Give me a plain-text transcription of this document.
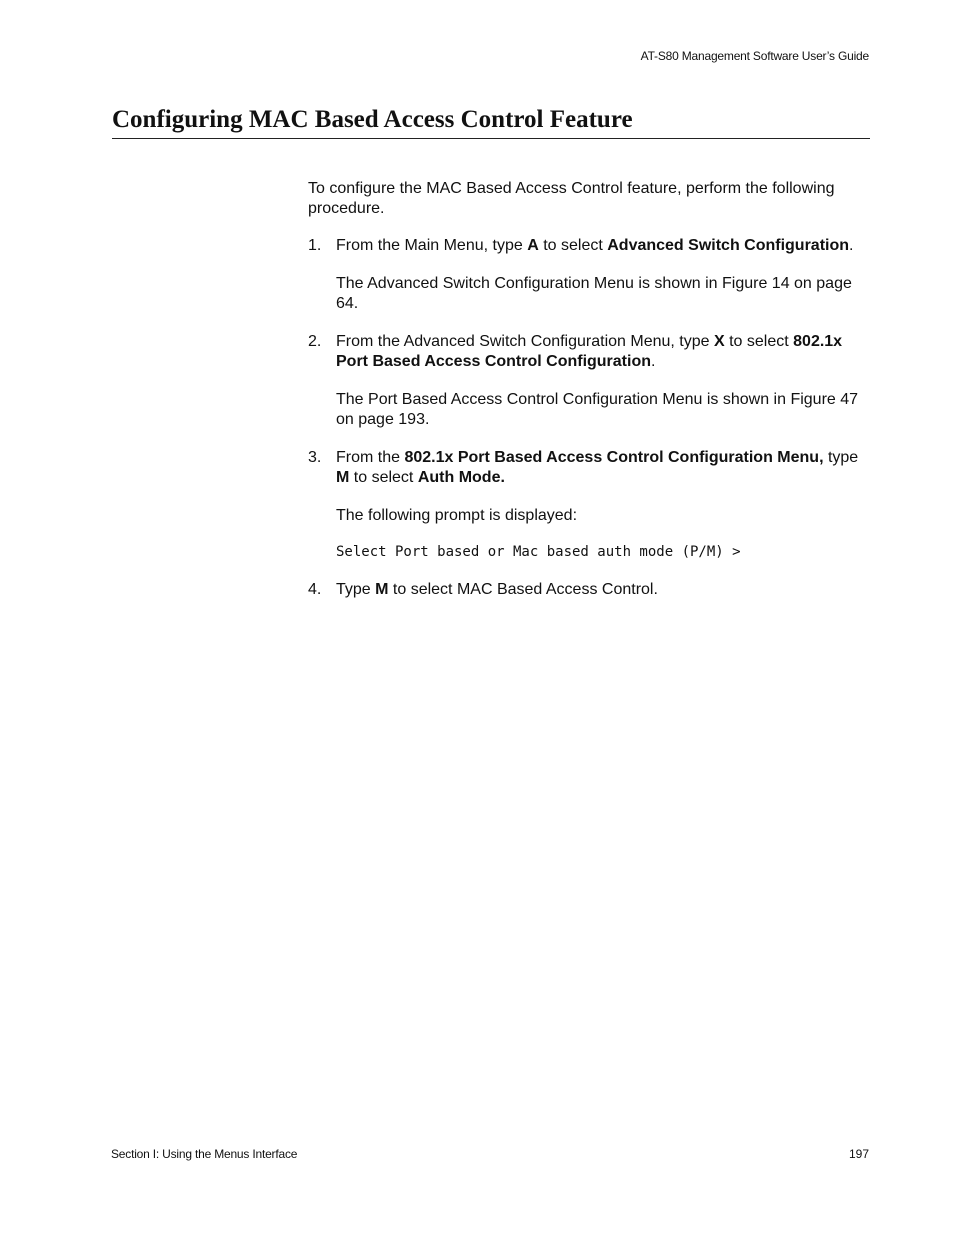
AT-S80 Management Software User’s Guide
Configuring MAC Based Access Control Feature

To configure the MAC Based Access Control feature, perform the following procedure.

1. From the Main Menu, type A to select Advanced Switch Configuration.

The Advanced Switch Configuration Menu is shown in Figure 14 on page 64.

2. From the Advanced Switch Configuration Menu, type X to select 802.1x Port Based Access Control Configuration.

The Port Based Access Control Configuration Menu is shown in Figure 47 on page 193.

3. From the 802.1x Port Based Access Control Configuration Menu, type M to select Auth Mode.

The following prompt is displayed:

Select Port based or Mac based auth mode (P/M) >
4. Type M to select MAC Based Access Control.
Section I: Using the Menus Interface	197
